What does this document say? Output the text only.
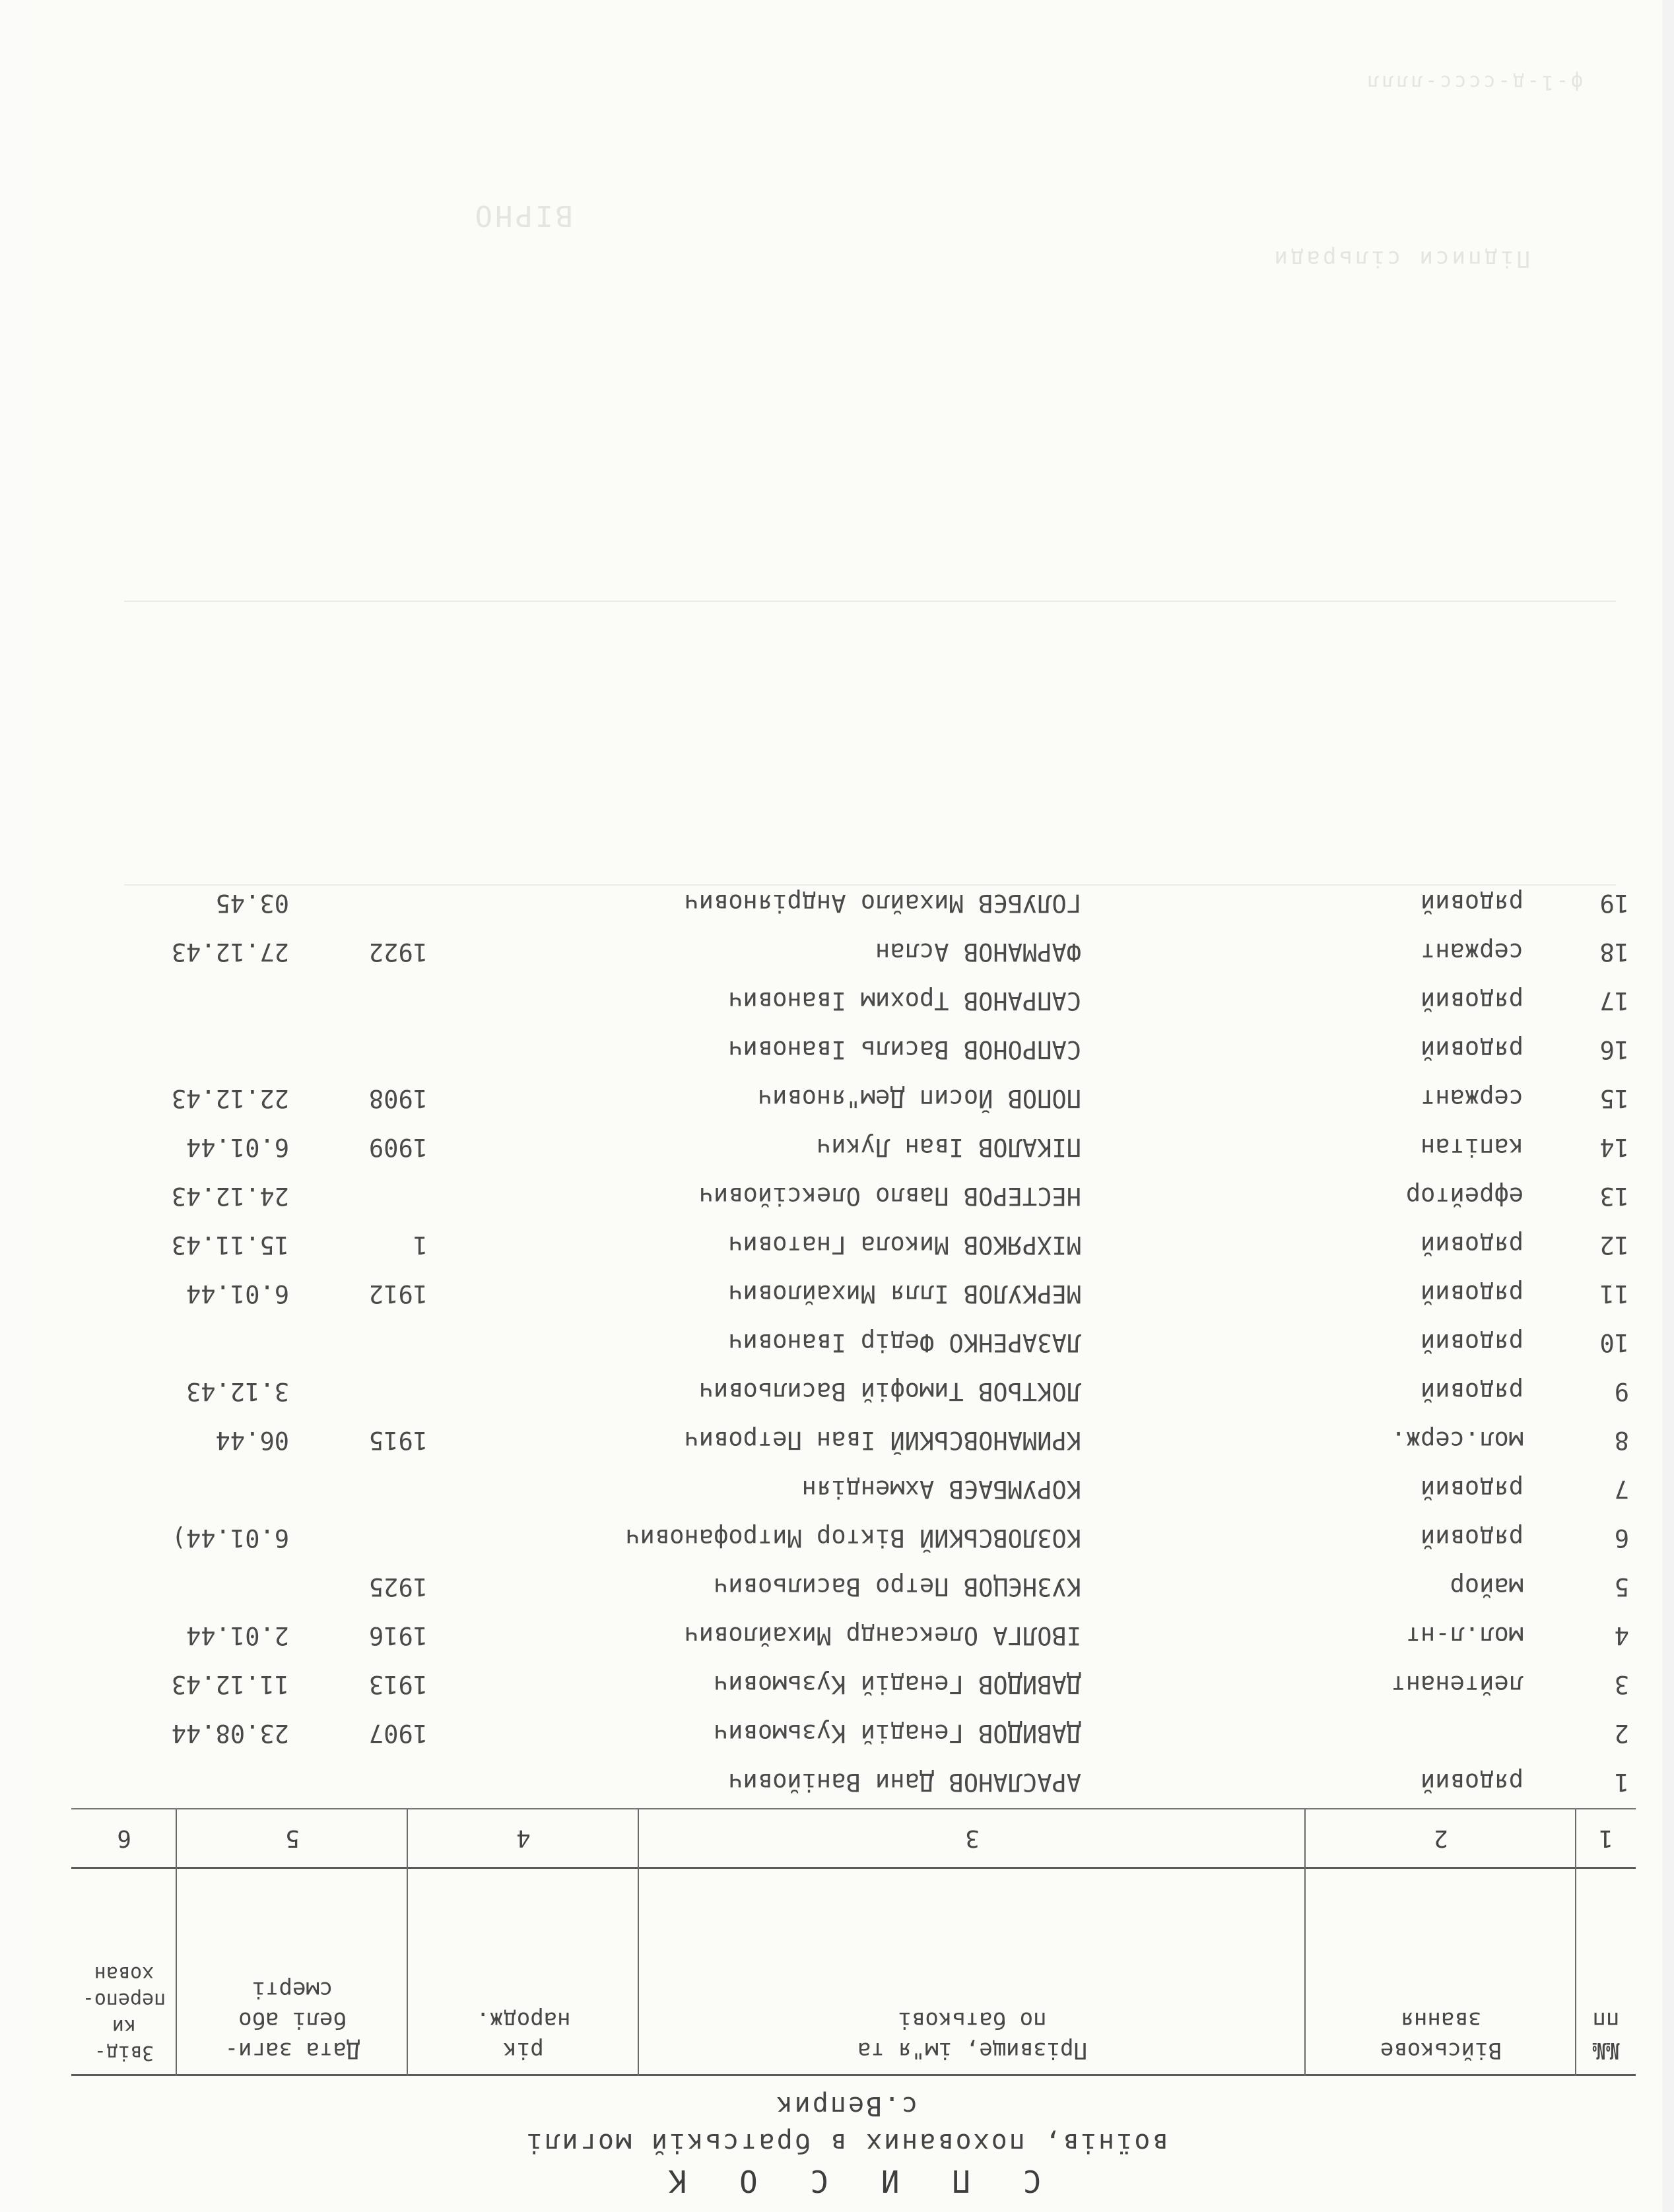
С П И С О К
воїнів, похованих в братській могилі
с.Веприк
№№
пп
Військове
звання
Прізвище, ім"я та
по батькові
рік
народж.
Дата заги-
белі або
смерті
Звід-
ки
перепо-
хован
1
2
3
4
5
6
1
рядовий
АРАСЛАНОВ Дани Ванійович
2
ДАВИДОВ Генадій Кузьмович
1907
23.08.44
3
лейтенант
ДАВИДОВ Генадій Кузьмович
1913
11.12.43
4
мол.л-нт
ІВОЛГА Олександр Михайлович
1916
2.01.44
5
майор
КУЗНЄЦОВ Петро Васильович
1925
6
рядовий
КОЗЛОВСЬКИЙ Віктор Митрофанович
6.01.44)
7
рядовий
КОРУМБАЄВ Ахмендіян
8
мол.серж.
КРИМАНОВСЬКИЙ Іван Петрович
1915
06.44
9
рядовий
ЛОКТЬОВ Тимофій Васильович
3.12.43
10
рядовий
ЛАЗАРЕНКО Федір Іванович
11
рядовий
МЕРКУЛОВ Ілля Михайлович
1912
6.01.44
12
рядовий
МІХРЯКОВ Микола Гнатович
1
15.11.43
13
ефрейтор
НЕСТЕРОВ Павло Олексійович
24.12.43
14
капітан
ПІКАЛОВ Іван Лукич
1909
6.01.44
15
сержант
ПОПОВ Йосип Дем"янович
1908
22.12.43
16
рядовий
САПРОНОВ Василь Іванович
17
рядовий
САПРАНОВ Трохим Іванович
18
сержант
ФАРМАНОВ Аслан
1922
27.12.43
19
рядовий
ГОЛУБЄВ Михайло Андріянович
03.45
ВІРНО
Підписи сільради
ф-1-д-сссс-лллл
